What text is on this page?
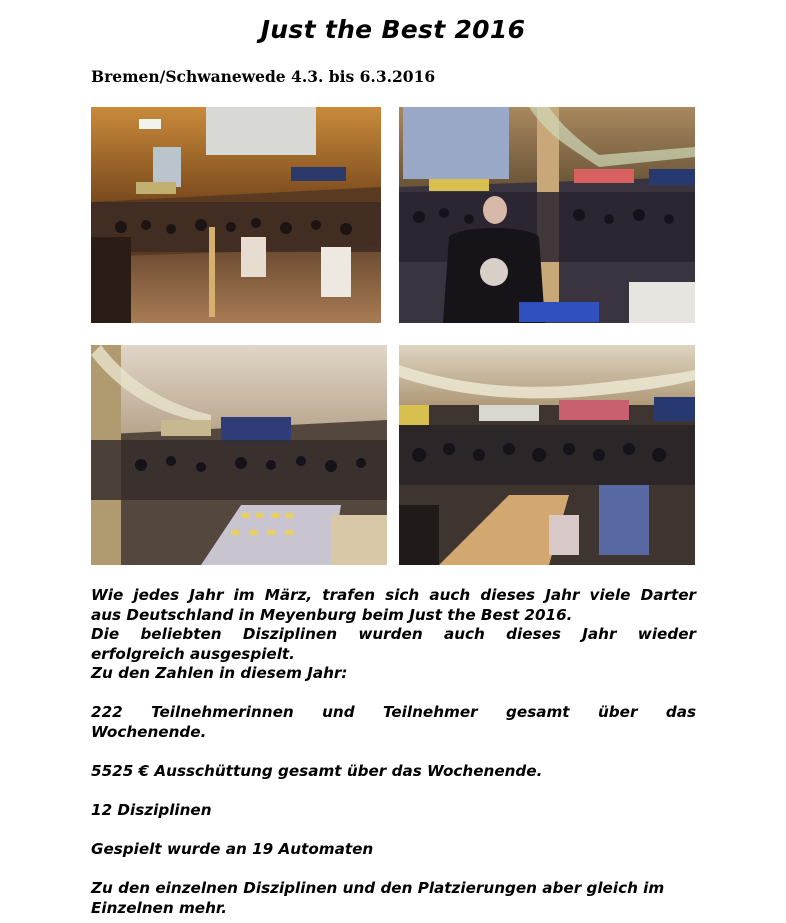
Just the Best 2016
Bremen/Schwanewede 4.3. bis 6.3.2016

Wie jedes Jahr im März, trafen sich auch dieses Jahr viele Darter

aus Deutschland in Meyenburg beim Just the Best 2016.

Die beliebten Disziplinen wurden auch dieses Jahr wieder

erfolgreich ausgespielt.

Zu den Zahlen in diesem Jahr:

222 Teilnehmerinnen und Teilnehmer gesamt über das
Wochenende.
5525 € Ausschüttung gesamt über das Wochenende.
12 Disziplinen
Gespielt wurde an 19 Automaten

Zu den einzelnen Disziplinen und den Platzierungen aber gleich im

Einzelnen mehr.
